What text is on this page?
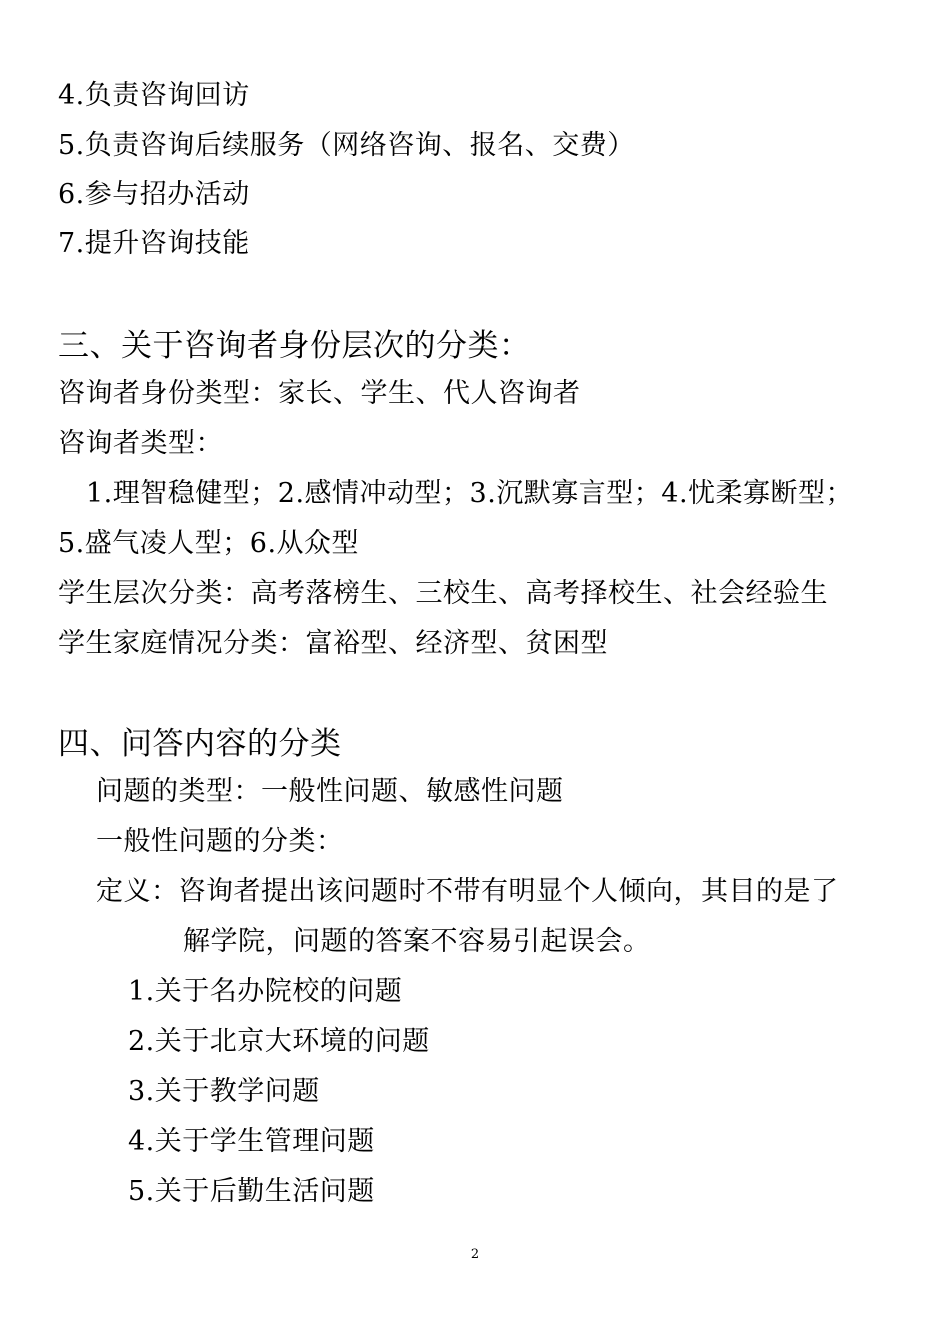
4.负责咨询回访
5.负责咨询后续服务（网络咨询、报名、交费）
6.参与招办活动
7.提升咨询技能
三、关于咨询者身份层次的分类：
咨询者身份类型：家长、学生、代人咨询者
咨询者类型：
1.理智稳健型；2.感情冲动型；3.沉默寡言型；4.忧柔寡断型；
5.盛气凌人型；6.从众型
学生层次分类：高考落榜生、三校生、高考择校生、社会经验生
学生家庭情况分类：富裕型、经济型、贫困型
四、问答内容的分类
问题的类型：一般性问题、敏感性问题
一般性问题的分类：
定义：咨询者提出该问题时不带有明显个人倾向，其目的是了
解学院，问题的答案不容易引起误会。
1.关于名办院校的问题
2.关于北京大环境的问题
3.关于教学问题
4.关于学生管理问题
5.关于后勤生活问题
2
